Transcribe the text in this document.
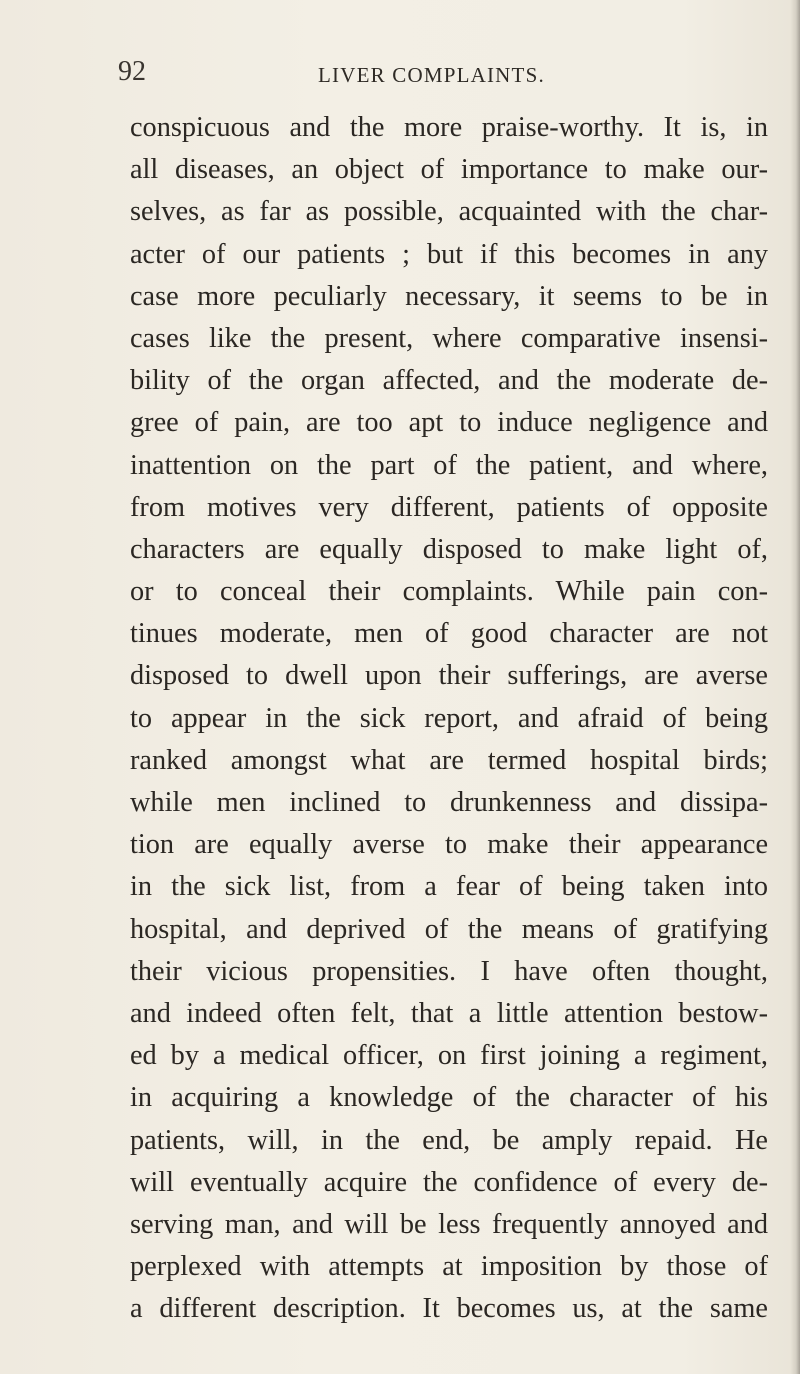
92	LIVER COMPLAINTS.
conspicuous and the more praise-worthy. It is, in
all diseases, an object of importance to make our-
selves, as far as possible, acquainted with the char-
acter of our patients ; but if this becomes in any
case more peculiarly necessary, it seems to be in
cases like the present, where comparative insensi-
bility of the organ affected, and the moderate de-
gree of pain, are too apt to induce negligence and
inattention on the part of the patient, and where,
from motives very different, patients of opposite
characters are equally disposed to make light of,
or to conceal their complaints. While pain con-
tinues moderate, men of good character are not
disposed to dwell upon their sufferings, are averse
to appear in the sick report, and afraid of being
ranked amongst what are termed hospital birds;
while men inclined to drunkenness and dissipa-
tion are equally averse to make their appearance
in the sick list, from a fear of being taken into
hospital, and deprived of the means of gratifying
their vicious propensities. I have often thought,
and indeed often felt, that a little attention bestow-
ed by a medical officer, on first joining a regiment,
in acquiring a knowledge of the character of his
patients, will, in the end, be amply repaid. He
will eventually acquire the confidence of every de-
serving man, and will be less frequently annoyed and
perplexed with attempts at imposition by those of
a different description. It becomes us, at the same
